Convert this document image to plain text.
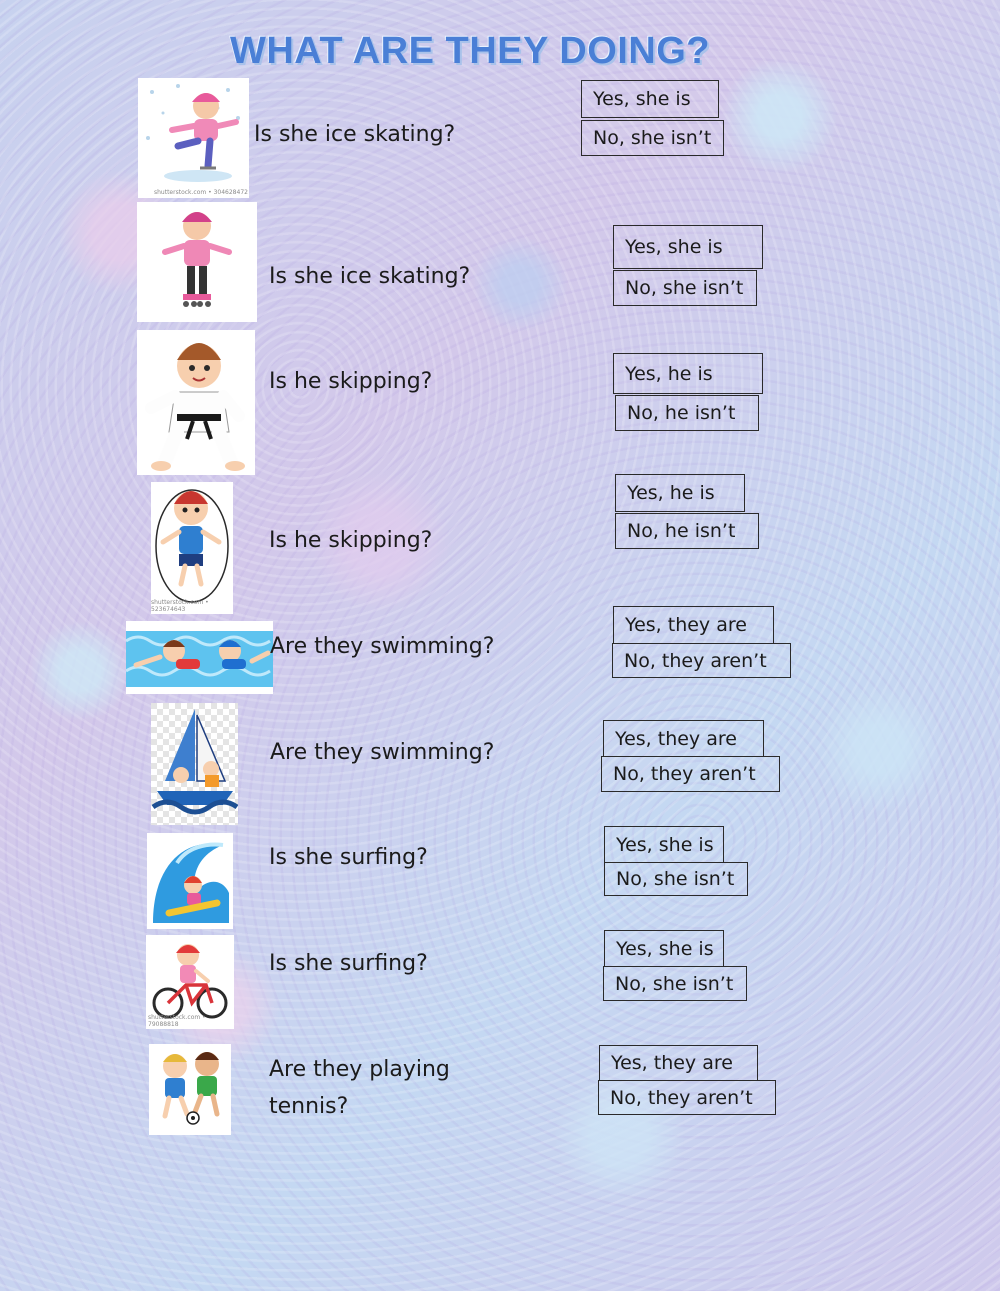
WHAT ARE THEY DOING?
shutterstock.com • 304628472
Is she ice skating?
Yes, she is
No, she isn’t
Is she ice skating?
Yes, she is
No, she isn’t
Is he skipping?	Yes, he is
No, he isn’t
shutterstock.com • 523674643
Is he skipping?
Yes, he is
No, he isn’t
Are they swimming?
Yes, they are
No, they aren’t
Are they swimming?
Yes, they are
No, they aren’t
Is she surfing?
Yes, she is
No, she isn’t
shutterstock.com • 79088818
Is she surfing?
Yes, she is
No, she isn’t
Are they playing
tennis?
Yes, they are
No, they aren’t
